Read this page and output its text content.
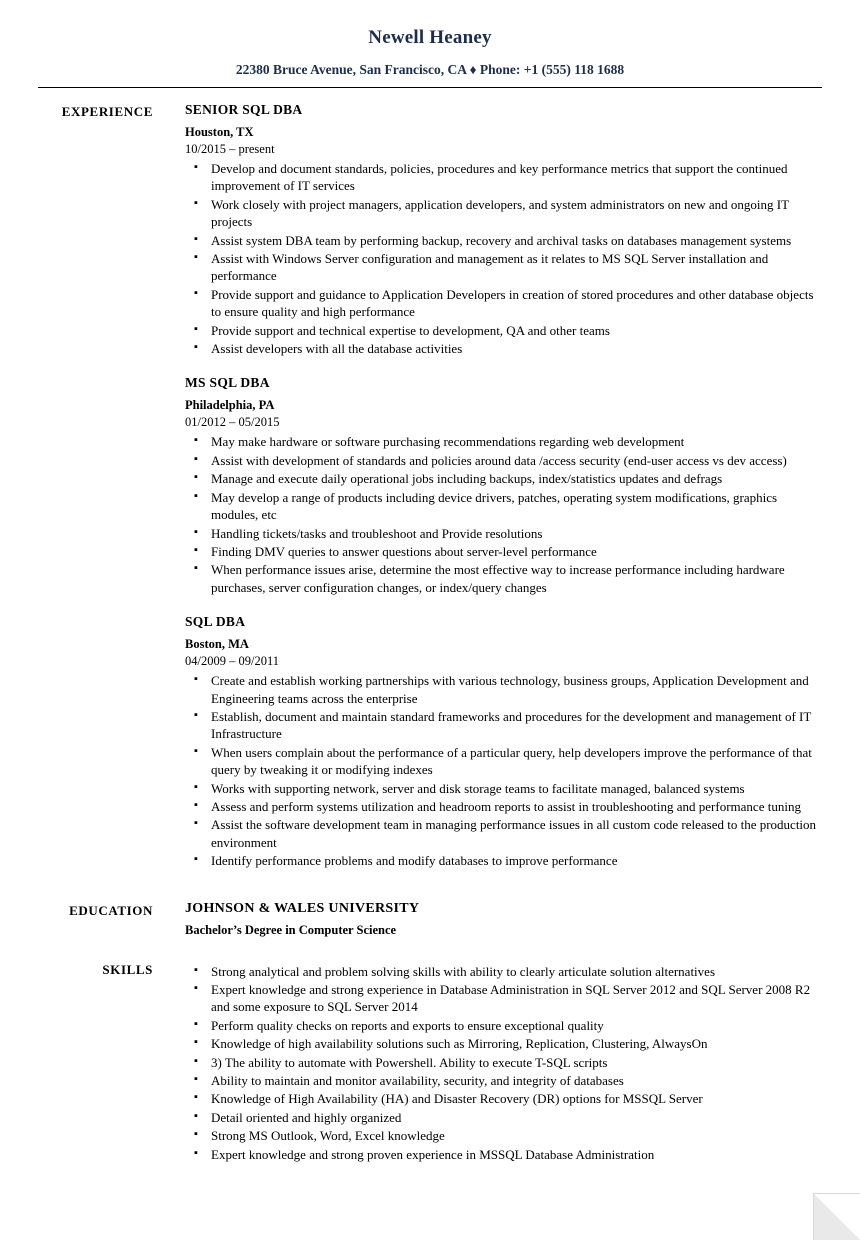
Newell Heaney
22380 Bruce Avenue, San Francisco, CA ♦ Phone: +1 (555) 118 1688
EXPERIENCE SENIOR SQL DBA
Houston, TX
10/2015 – present
▪ Develop and document standards, policies, procedures and key performance metrics that support the continued improvement of IT services
▪ Work closely with project managers, application developers, and system administrators on new and ongoing IT projects
▪ Assist system DBA team by performing backup, recovery and archival tasks on databases management systems
▪ Assist with Windows Server configuration and management as it relates to MS SQL Server installation and performance
▪ Provide support and guidance to Application Developers in creation of stored procedures and other database objects to ensure quality and high performance
▪ Provide support and technical expertise to development, QA and other teams
▪ Assist developers with all the database activities
MS SQL DBA
Philadelphia, PA
01/2012 – 05/2015
▪ May make hardware or software purchasing recommendations regarding web development
▪ Assist with development of standards and policies around data /access security (end-user access vs dev access)
▪ Manage and execute daily operational jobs including backups, index/statistics updates and defrags
▪ May develop a range of products including device drivers, patches, operating system modifications, graphics modules, etc
▪ Handling tickets/tasks and troubleshoot and Provide resolutions
▪ Finding DMV queries to answer questions about server-level performance
▪ When performance issues arise, determine the most effective way to increase performance including hardware purchases, server configuration changes, or index/query changes
SQL DBA
Boston, MA
04/2009 – 09/2011
▪ Create and establish working partnerships with various technology, business groups, Application Development and Engineering teams across the enterprise
▪ Establish, document and maintain standard frameworks and procedures for the development and management of IT Infrastructure
▪ When users complain about the performance of a particular query, help developers improve the performance of that query by tweaking it or modifying indexes
▪ Works with supporting network, server and disk storage teams to facilitate managed, balanced systems
▪ Assess and perform systems utilization and headroom reports to assist in troubleshooting and performance tuning
▪ Assist the software development team in managing performance issues in all custom code released to the production environment
▪ Identify performance problems and modify databases to improve performance
EDUCATION JOHNSON & WALES UNIVERSITY
Bachelor’s Degree in Computer Science
SKILLS	▪ Strong analytical and problem solving skills with ability to clearly articulate solution alternatives
▪ Expert knowledge and strong experience in Database Administration in SQL Server 2012 and SQL Server 2008 R2 and some exposure to SQL Server 2014
▪ Perform quality checks on reports and exports to ensure exceptional quality
▪ Knowledge of high availability solutions such as Mirroring, Replication, Clustering, AlwaysOn
▪ 3) The ability to automate with Powershell. Ability to execute T-SQL scripts
▪ Ability to maintain and monitor availability, security, and integrity of databases
▪ Knowledge of High Availability (HA) and Disaster Recovery (DR) options for MSSQL Server
▪ Detail oriented and highly organized
▪ Strong MS Outlook, Word, Excel knowledge
▪ Expert knowledge and strong proven experience in MSSQL Database Administration
